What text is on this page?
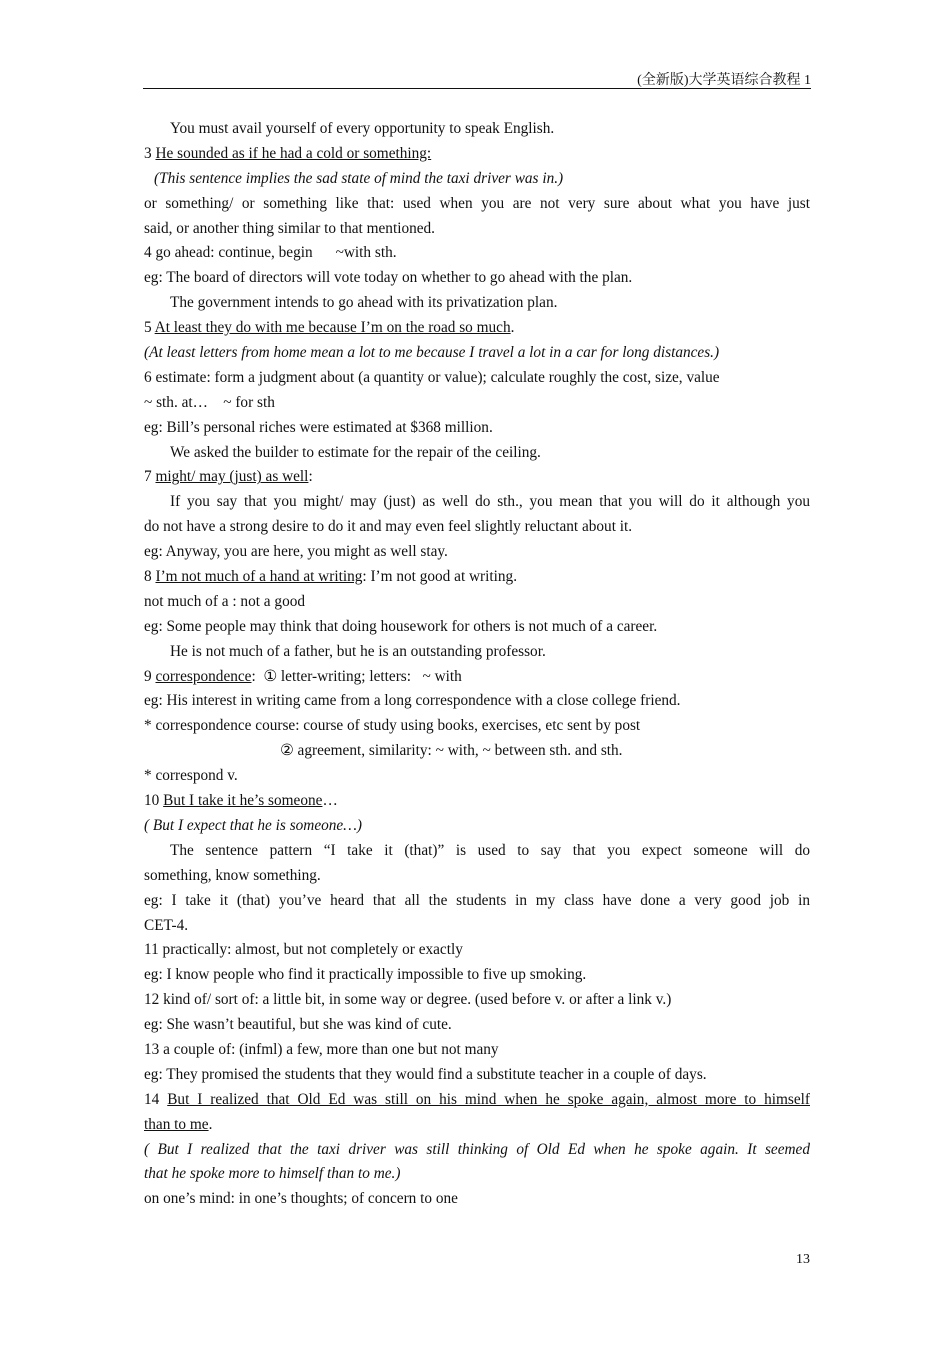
(全新版)大学英语综合教程 1
You must avail yourself of every opportunity to speak English.
3 He sounded as if he had a cold or something:
(This sentence implies the sad state of mind the taxi driver was in.)
or something/ or something like that: used when you are not very sure about what you have just
said, or another thing similar to that mentioned.
4 go ahead: continue, begin      ~with sth.
eg: The board of directors will vote today on whether to go ahead with the plan.
The government intends to go ahead with its privatization plan.
5 At least they do with me because I’m on the road so much.
(At least letters from home mean a lot to me because I travel a lot in a car for long distances.)
6 estimate: form a judgment about (a quantity or value); calculate roughly the cost, size, value
~ sth. at…    ~ for sth
eg: Bill’s personal riches were estimated at $368 million.
We asked the builder to estimate for the repair of the ceiling.
7 might/ may (just) as well:
If you say that you might/ may (just) as well do sth., you mean that you will do it although you
do not have a strong desire to do it and may even feel slightly reluctant about it.
eg: Anyway, you are here, you might as well stay.
8 I’m not much of a hand at writing: I’m not good at writing.
not much of a : not a good
eg: Some people may think that doing housework for others is not much of a career.
He is not much of a father, but he is an outstanding professor.
9 correspondence:  ① letter-writing; letters:   ~ with
eg: His interest in writing came from a long correspondence with a close college friend.
* correspondence course: course of study using books, exercises, etc sent by post
② agreement, similarity: ~ with, ~ between sth. and sth.
* correspond v.
10 But I take it he’s someone…
( But I expect that he is someone…)
The sentence pattern “I take it (that)” is used to say that you expect someone will do
something, know something.
eg: I take it (that) you’ve heard that all the students in my class have done a very good job in
CET-4.
11 practically: almost, but not completely or exactly
eg: I know people who find it practically impossible to five up smoking.
12 kind of/ sort of: a little bit, in some way or degree. (used before v. or after a link v.)
eg: She wasn’t beautiful, but she was kind of cute.
13 a couple of: (infml) a few, more than one but not many
eg: They promised the students that they would find a substitute teacher in a couple of days.
14 But I realized that Old Ed was still on his mind when he spoke again, almost more to himself
than to me.
( But I realized that the taxi driver was still thinking of Old Ed when he spoke again. It seemed
that he spoke more to himself than to me.)
on one’s mind: in one’s thoughts; of concern to one
13
